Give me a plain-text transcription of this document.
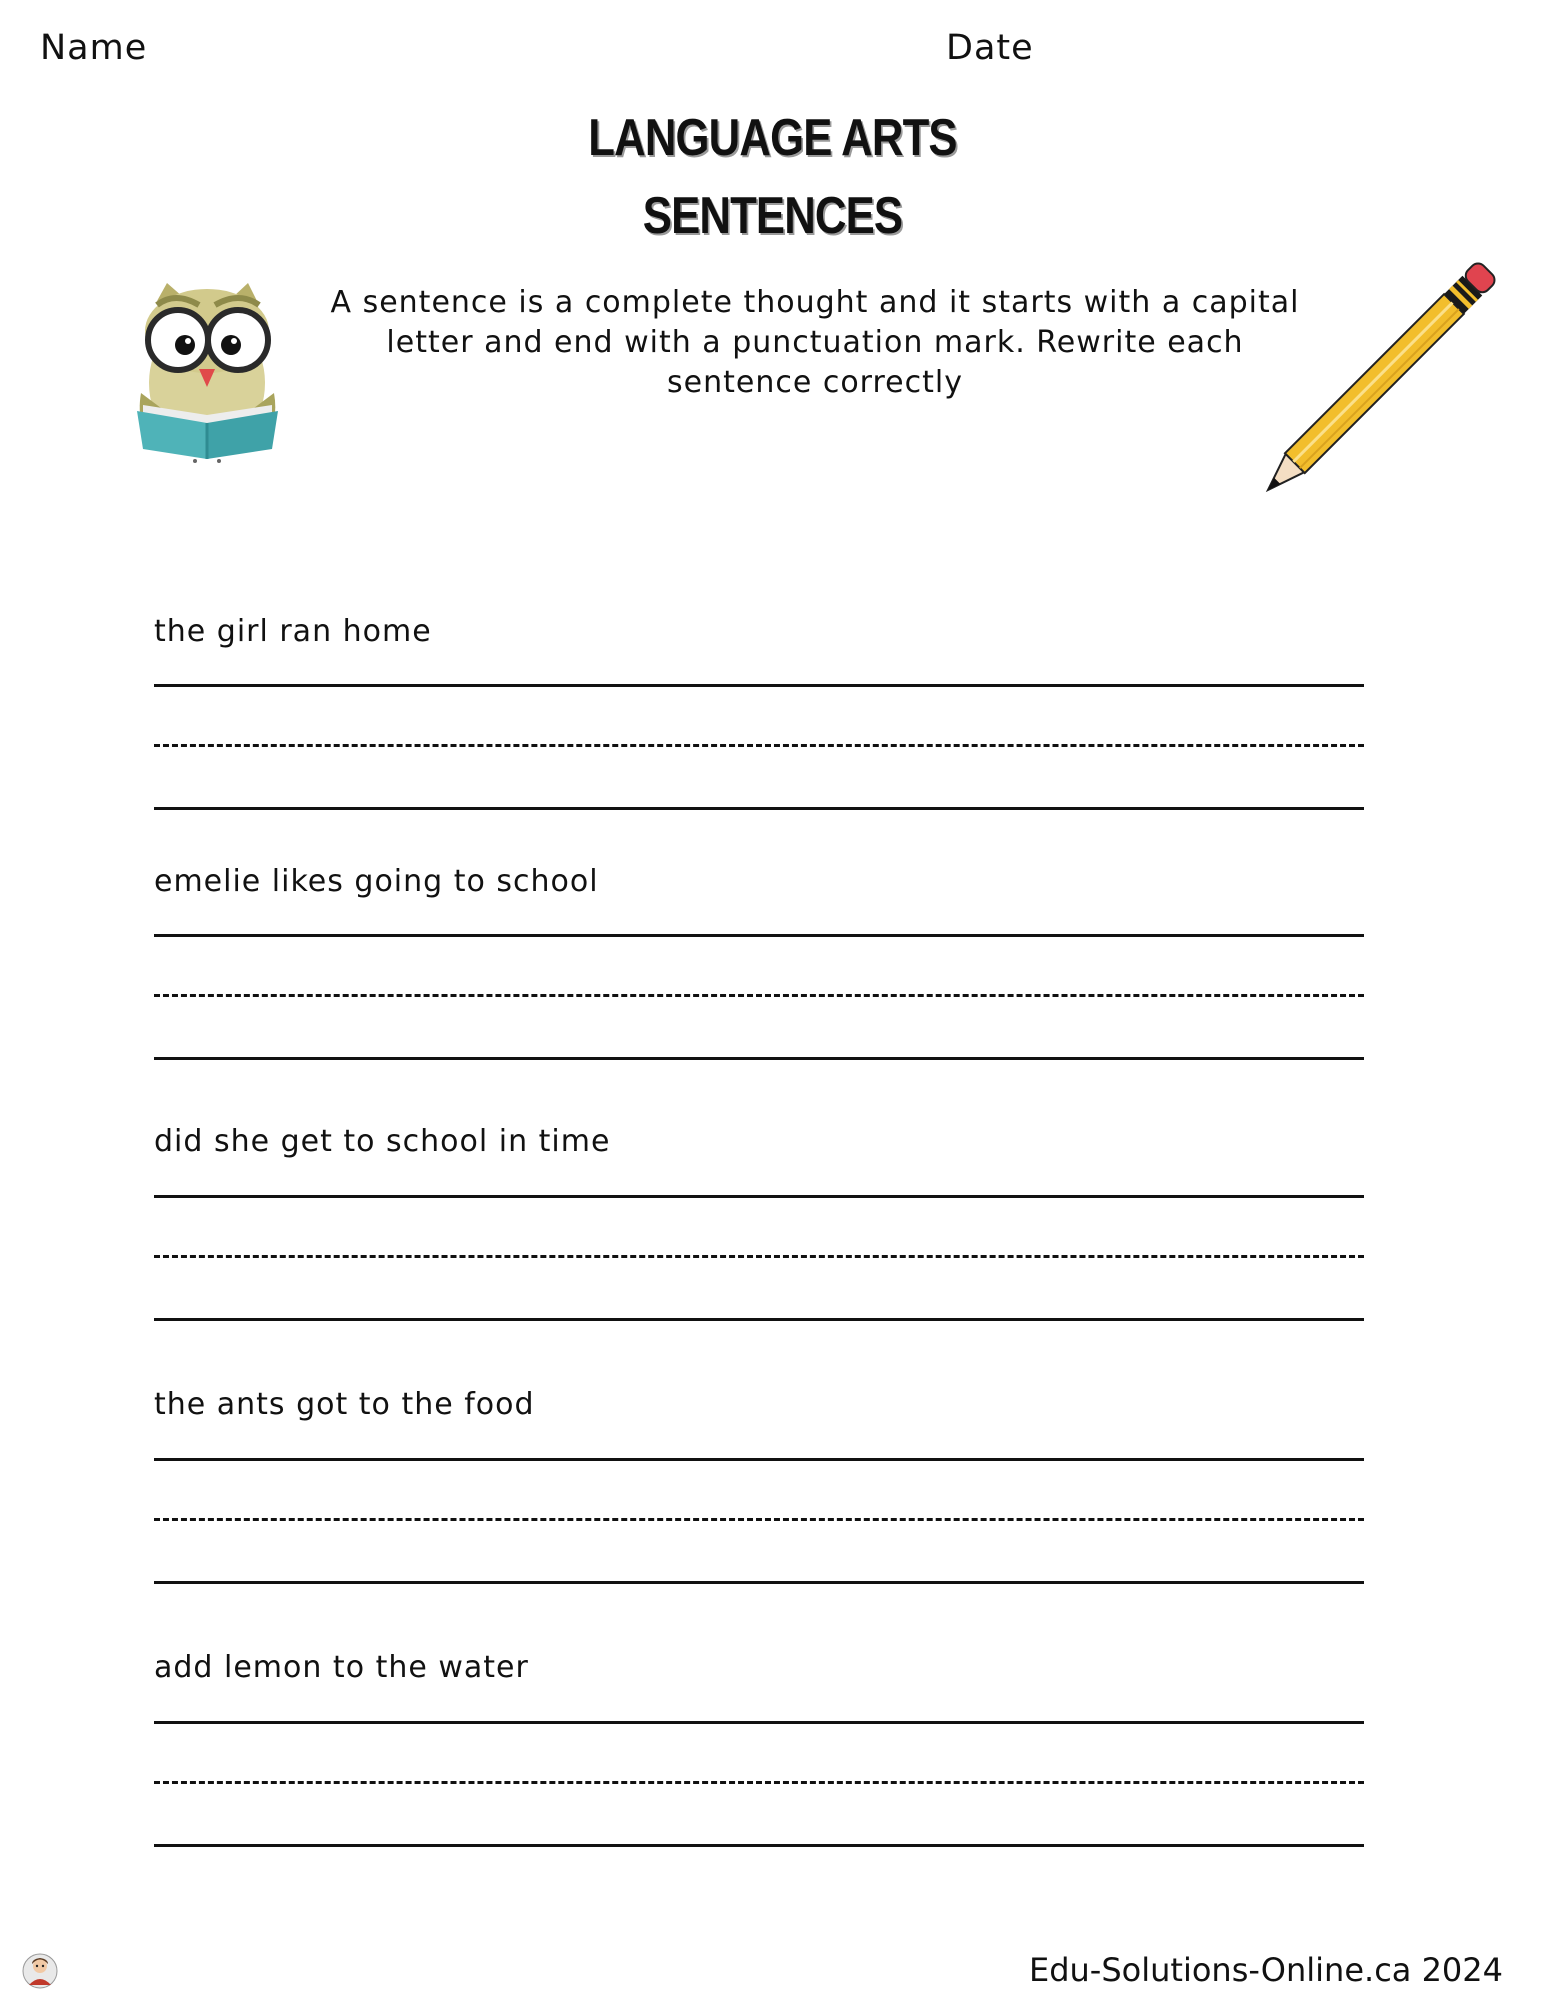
Name	Date
LANGUAGE ARTS
SENTENCES
A sentence is a complete thought and it starts with a capital letter and end with a punctuation mark. Rewrite each sentence correctly
the girl ran home
emelie likes going to school
did she get to school in time
the ants got to the food
add lemon to the water
Edu-Solutions-Online.ca 2024
